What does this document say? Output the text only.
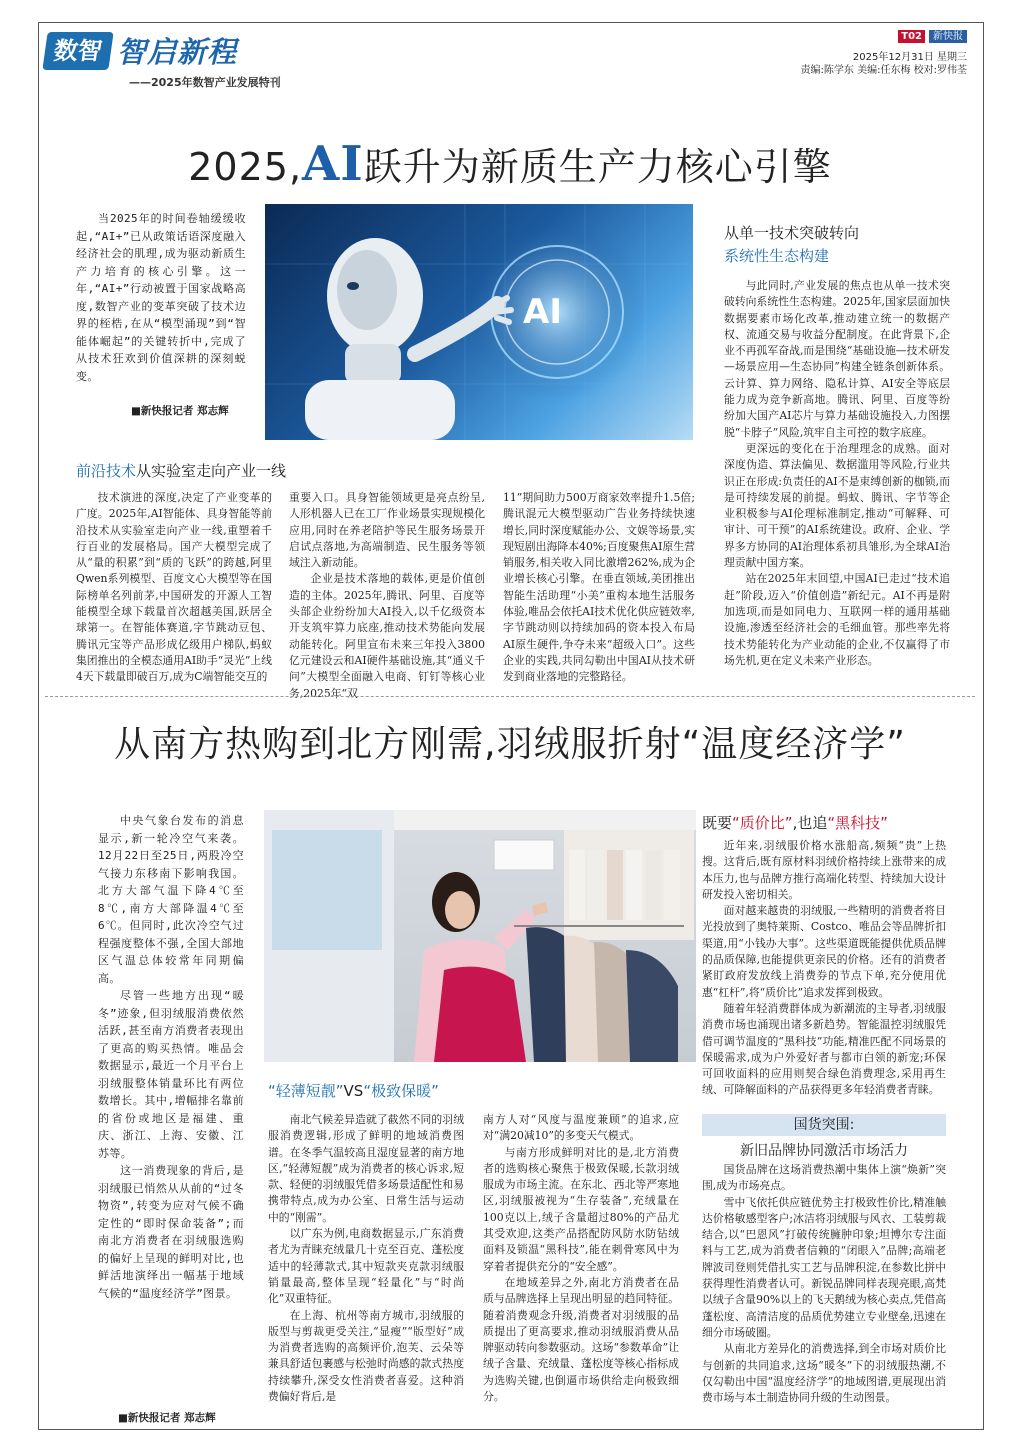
数智 智启新程
——2025年数智产业发展特刊
T02 新快报
2025年12月31日 星期三
责编:陈学东 美编:任东梅 校对:罗伟荃
2025,AI跃升为新质生产力核心引擎

当2025年的时间卷轴缓缓收起,“AI+”已从政策话语深度融入经济社会的肌理,成为驱动新质生产力培育的核心引擎。这一年,“AI+”行动被置于国家战略高度,数智产业的变革突破了技术边界的桎梏,在从“模型涌现”到“智能体崛起”的关键转折中,完成了从技术狂欢到价值深耕的深刻蜕变。

■新快报记者 郑志辉
AI
从单一技术突破转向
系统性生态构建

与此同时,产业发展的焦点也从单一技术突破转向系统性生态构建。2025年,国家层面加快数据要素市场化改革,推动建立统一的数据产权、流通交易与收益分配制度。在此背景下,企业不再孤军奋战,而是围绕“基础设施—技术研发—场景应用—生态协同”构建全链条创新体系。云计算、算力网络、隐私计算、AI安全等底层能力成为竞争新高地。腾讯、阿里、百度等纷纷加大国产AI芯片与算力基础设施投入,力图摆脱“卡脖子”风险,筑牢自主可控的数字底座。

更深远的变化在于治理理念的成熟。面对深度伪造、算法偏见、数据滥用等风险,行业共识正在形成:负责任的AI不是束缚创新的枷锁,而是可持续发展的前提。蚂蚁、腾讯、字节等企业积极参与AI伦理标准制定,推动“可解释、可审计、可干预”的AI系统建设。政府、企业、学界多方协同的AI治理体系初具雏形,为全球AI治理贡献中国方案。

站在2025年末回望,中国AI已走过“技术追赶”阶段,迈入“价值创造”新纪元。AI不再是附加选项,而是如同电力、互联网一样的通用基础设施,渗透至经济社会的毛细血管。那些率先将技术势能转化为产业动能的企业,不仅赢得了市场先机,更在定义未来产业形态。

前沿技术从实验室走向产业一线

技术演进的深度,决定了产业变革的广度。2025年,AI智能体、具身智能等前沿技术从实验室走向产业一线,重塑着千行百业的发展格局。国产大模型完成了从“量的积累”到“质的飞跃”的跨越,阿里Qwen系列模型、百度文心大模型等在国际榜单名列前茅,中国研发的开源人工智能模型全球下载量首次超越美国,跃居全球第一。在智能体赛道,字节跳动豆包、腾讯元宝等产品形成亿级用户梯队,蚂蚁集团推出的全模态通用AI助手“灵光”上线4天下载量即破百万,成为C端智能交互的

重要入口。具身智能领域更是亮点纷呈,人形机器人已在工厂作业场景实现规模化应用,同时在养老陪护等民生服务场景开启试点落地,为高端制造、民生服务等领域注入新动能。

企业是技术落地的载体,更是价值创造的主体。2025年,腾讯、阿里、百度等头部企业纷纷加大AI投入,以千亿级资本开支筑牢算力底座,推动技术势能向发展动能转化。阿里宣布未来三年投入3800亿元建设云和AI硬件基础设施,其“通义千问”大模型全面融入电商、钉钉等核心业务,2025年“双

11”期间助力500万商家效率提升1.5倍;腾讯混元大模型驱动广告业务持续快速增长,同时深度赋能办公、文娱等场景,实现短剧出海降本40%;百度聚焦AI原生营销服务,相关收入同比激增262%,成为企业增长核心引擎。在垂直领域,美团推出智能生活助理“小美”重构本地生活服务体验,唯品会依托AI技术优化供应链效率,字节跳动则以持续加码的资本投入布局AI原生硬件,争夺未来“超级入口”。这些企业的实践,共同勾勒出中国AI从技术研发到商业落地的完整路径。

从南方热购到北方刚需,羽绒服折射“温度经济学”

中央气象台发布的消息显示,新一轮冷空气来袭。12月22日至25日,两股冷空气接力东移南下影响我国。北方大部气温下降4℃至8℃,南方大部降温4℃至6℃。但同时,此次冷空气过程强度整体不强,全国大部地区气温总体较常年同期偏高。

尽管一些地方出现“暖冬”迹象,但羽绒服消费依然活跃,甚至南方消费者表现出了更高的购买热情。唯品会数据显示,最近一个月平台上羽绒服整体销量环比有两位数增长。其中,增幅排名靠前的省份或地区是福建、重庆、浙江、上海、安徽、江苏等。

这一消费现象的背后,是羽绒服已悄然从从前的“过冬物资”,转变为应对气候不确定性的“即时保命装备”;而南北方消费者在羽绒服选购的偏好上呈现的鲜明对比,也鲜活地演绎出一幅基于地域气候的“温度经济学”图景。

■新快报记者 郑志辉
“轻薄短靓”VS“极致保暖”
既要“质价比”,也追“黑科技”

南北气候差异造就了截然不同的羽绒服消费逻辑,形成了鲜明的地域消费图谱。在冬季气温较高且湿度显著的南方地区,“轻薄短靓”成为消费者的核心诉求,短款、轻便的羽绒服凭借多场景适配性和易携带特点,成为办公室、日常生活与运动中的“刚需”。

以广东为例,电商数据显示,广东消费者尤为青睐充绒量几十克至百克、蓬松度适中的轻薄款式,其中短款夹克款羽绒服销量最高,整体呈现“轻量化”与“时尚化”双重特征。

在上海、杭州等南方城市,羽绒服的版型与剪裁更受关注,“显瘦”“版型好”成为消费者选购的高频评价,泡芙、云朵等兼具舒适包裹感与松弛时尚感的款式热度持续攀升,深受女性消费者喜爱。这种消费偏好背后,是

南方人对“风度与温度兼顾”的追求,应对“满20减10”的多变天气模式。

与南方形成鲜明对比的是,北方消费者的选购核心聚焦于极致保暖,长款羽绒服成为市场主流。在东北、西北等严寒地区,羽绒服被视为“生存装备”,充绒量在100克以上,绒子含量超过80%的产品尤其受欢迎,这类产品搭配防风防水防钻绒面料及锁温“黑科技”,能在刺骨寒风中为穿着者提供充分的“安全感”。

在地域差异之外,南北方消费者在品质与品牌选择上呈现出明显的趋同特征。随着消费观念升级,消费者对羽绒服的品质提出了更高要求,推动羽绒服消费从品牌驱动转向参数驱动。这场“参数革命”让绒子含量、充绒量、蓬松度等核心指标成为选购关键,也倒逼市场供给走向极致细分。

近年来,羽绒服价格水涨船高,频频“贵”上热搜。这背后,既有原材料羽绒价格持续上涨带来的成本压力,也与品牌方推行高端化转型、持续加大设计研发投入密切相关。

面对越来越贵的羽绒服,一些精明的消费者将目光投放到了奥特莱斯、Costco、唯品会等品牌折扣渠道,用“小钱办大事”。这些渠道既能提供优质品牌的品质保障,也能提供更亲民的价格。还有的消费者紧盯政府发放线上消费券的节点下单,充分使用优惠“杠杆”,将“质价比”追求发挥到极致。

随着年轻消费群体成为新潮流的主导者,羽绒服消费市场也涌现出诸多新趋势。智能温控羽绒服凭借可调节温度的“黑科技”功能,精准匹配不同场景的保暖需求,成为户外爱好者与都市白领的新宠;环保可回收面料的应用则契合绿色消费理念,采用再生绒、可降解面料的产品获得更多年轻消费者青睐。

国货突围:
新旧品牌协同激活市场活力

国货品牌在这场消费热潮中集体上演“焕新”突围,成为市场亮点。

雪中飞依托供应链优势主打极致性价比,精准触达价格敏感型客户;冰洁将羽绒服与风衣、工装剪裁结合,以“巴恩风”打破传统臃肿印象;坦博尔专注面料与工艺,成为消费者信赖的“闭眼入”品牌;高端老牌波司登则凭借扎实工艺与品牌积淀,在参数比拼中获得理性消费者认可。新锐品牌同样表现亮眼,高梵以绒子含量90%以上的飞天鹅绒为核心卖点,凭借高蓬松度、高清洁度的品质优势建立专业壁垒,迅速在细分市场破圈。

从南北方差异化的消费选择,到全市场对质价比与创新的共同追求,这场“暖冬”下的羽绒服热潮,不仅勾勒出中国“温度经济学”的地域图谱,更展现出消费市场与本土制造协同升级的生动图景。
